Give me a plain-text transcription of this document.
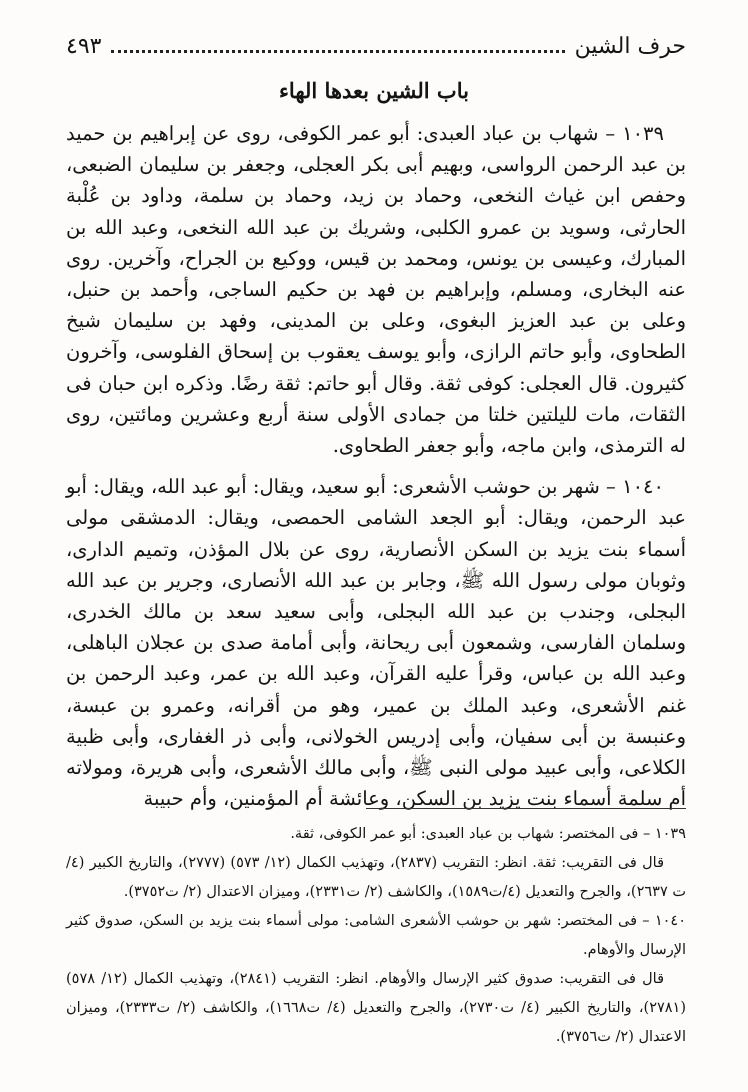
٤٩٣	حرف الشين
باب الشين بعدها الهاء

١٠٣٩ – شهاب بن عباد العبدى: أبو عمر الكوفى، روى عن إبراهيم بن حميد بن عبد الرحمن الرواسى، وبهيم أبى بكر العجلى، وجعفر بن سليمان الضبعى، وحفص ابن غياث النخعى، وحماد بن زيد، وحماد بن سلمة، وداود بن عُلْبة الحارثى، وسويد بن عمرو الكلبى، وشريك بن عبد الله النخعى، وعبد الله بن المبارك، وعيسى بن يونس، ومحمد بن قيس، ووكيع بن الجراح، وآخرين. روى عنه البخارى، ومسلم، وإبراهيم بن فهد بن حكيم الساجى، وأحمد بن حنبل، وعلى بن عبد العزيز البغوى، وعلى بن المدينى، وفهد بن سليمان شيخ الطحاوى، وأبو حاتم الرازى، وأبو يوسف يعقوب بن إسحاق الفلوسى، وآخرون كثيرون. قال العجلى: كوفى ثقة. وقال أبو حاتم: ثقة رضًا. وذكره ابن حبان فى الثقات، مات لليلتين خلتا من جمادى الأولى سنة أربع وعشرين ومائتين، روى له الترمذى، وابن ماجه، وأبو جعفر الطحاوى.

١٠٤٠ – شهر بن حوشب الأشعرى: أبو سعيد، ويقال: أبو عبد الله، ويقال: أبو عبد الرحمن، ويقال: أبو الجعد الشامى الحمصى، ويقال: الدمشقى مولى أسماء بنت يزيد بن السكن الأنصارية، روى عن بلال المؤذن، وتميم الدارى، وثوبان مولى رسول الله ﷺ، وجابر بن عبد الله الأنصارى، وجرير بن عبد الله البجلى، وجندب بن عبد الله البجلى، وأبى سعيد سعد بن مالك الخدرى، وسلمان الفارسى، وشمعون أبى ريحانة، وأبى أمامة صدى بن عجلان الباهلى، وعبد الله بن عباس، وقرأ عليه القرآن، وعبد الله بن عمر، وعبد الرحمن بن غنم الأشعرى، وعبد الملك بن عمير، وهو من أقرانه، وعمرو بن عبسة، وعنبسة بن أبى سفيان، وأبى إدريس الخولانى، وأبى ذر الغفارى، وأبى ظبية الكلاعى، وأبى عبيد مولى النبى ﷺ، وأبى مالك الأشعرى، وأبى هريرة، ومولاته أم سلمة أسماء بنت يزيد بن السكن، وعائشة أم المؤمنين، وأم حبيبة

١٠٣٩ – فى المختصر: شهاب بن عباد العبدى: أبو عمر الكوفى، ثقة.

قال فى التقريب: ثقة. انظر: التقريب (٢٨٣٧)، وتهذيب الكمال (١٢/ ٥٧٣) (٢٧٧٧)، والتاريخ الكبير (٤/ت ٢٦٣٧)، والجرح والتعديل (٤/ت١٥٨٩)، والكاشف (٢/ ت٢٣٣١)، وميزان الاعتدال (٢/ ت٣٧٥٢).

١٠٤٠ – فى المختصر: شهر بن حوشب الأشعرى الشامى: مولى أسماء بنت يزيد بن السكن، صدوق كثير الإرسال والأوهام.

قال فى التقريب: صدوق كثير الإرسال والأوهام. انظر: التقريب (٢٨٤١)، وتهذيب الكمال (١٢/ ٥٧٨) (٢٧٨١)، والتاريخ الكبير (٤/ ت٢٧٣٠)، والجرح والتعديل (٤/ ت١٦٦٨)، والكاشف (٢/ ت٢٣٣٣)، وميزان الاعتدال (٢/ ت٣٧٥٦).
